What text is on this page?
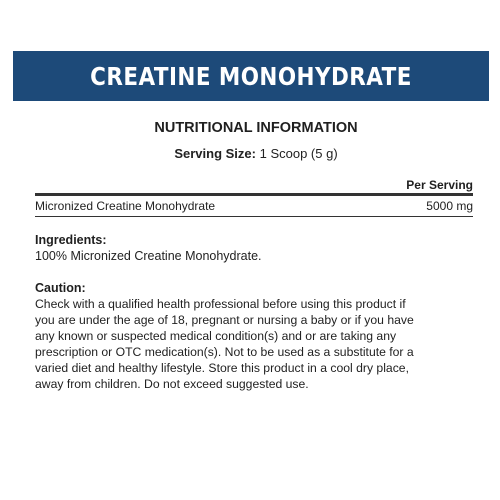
CREATINE MONOHYDRATE
NUTRITIONAL INFORMATION
Serving Size: 1 Scoop (5 g)
Per Serving
Micronized Creatine Monohydrate	5000 mg
Ingredients:
100% Micronized Creatine Monohydrate.
Caution:
Check with a qualified health professional before using this product if
you are under the age of 18, pregnant or nursing a baby or if you have
any known or suspected medical condition(s) and or are taking any
prescription or OTC medication(s). Not to be used as a substitute for a
varied diet and healthy lifestyle. Store this product in a cool dry place,
away from children. Do not exceed suggested use.
